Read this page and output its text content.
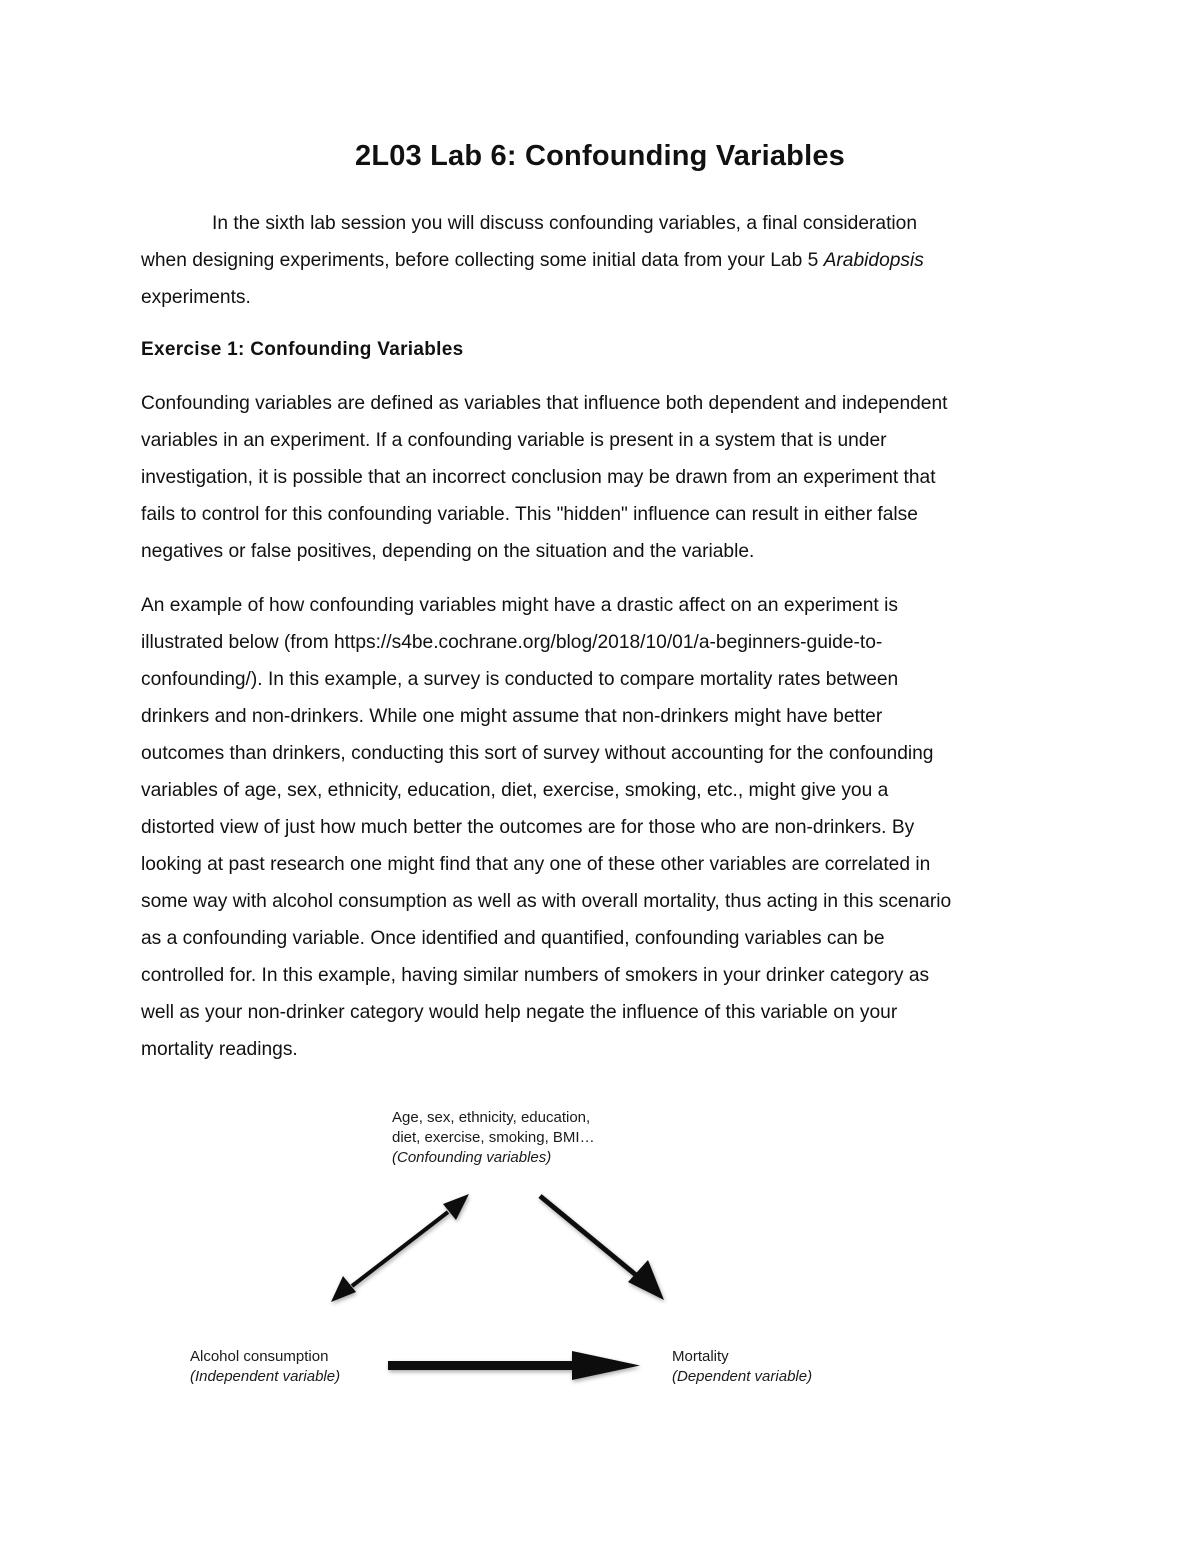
2L03 Lab 6: Confounding Variables
In the sixth lab session you will discuss confounding variables, a final consideration
when designing experiments, before collecting some initial data from your Lab 5 Arabidopsis
experiments.
Exercise 1: Confounding Variables
Confounding variables are defined as variables that influence both dependent and independent
variables in an experiment. If a confounding variable is present in a system that is under
investigation, it is possible that an incorrect conclusion may be drawn from an experiment that
fails to control for this confounding variable. This "hidden" influence can result in either false
negatives or false positives, depending on the situation and the variable.
An example of how confounding variables might have a drastic affect on an experiment is
illustrated below (from https://s4be.cochrane.org/blog/2018/10/01/a-beginners-guide-to-
confounding/). In this example, a survey is conducted to compare mortality rates between
drinkers and non-drinkers. While one might assume that non-drinkers might have better
outcomes than drinkers, conducting this sort of survey without accounting for the confounding
variables of age, sex, ethnicity, education, diet, exercise, smoking, etc., might give you a
distorted view of just how much better the outcomes are for those who are non-drinkers. By
looking at past research one might find that any one of these other variables are correlated in
some way with alcohol consumption as well as with overall mortality, thus acting in this scenario
as a confounding variable. Once identified and quantified, confounding variables can be
controlled for. In this example, having similar numbers of smokers in your drinker category as
well as your non-drinker category would help negate the influence of this variable on your
mortality readings.
Age, sex, ethnicity, education,
diet, exercise, smoking, BMI…
(Confounding variables)
Alcohol consumption
(Independent variable)
Mortality
(Dependent variable)
